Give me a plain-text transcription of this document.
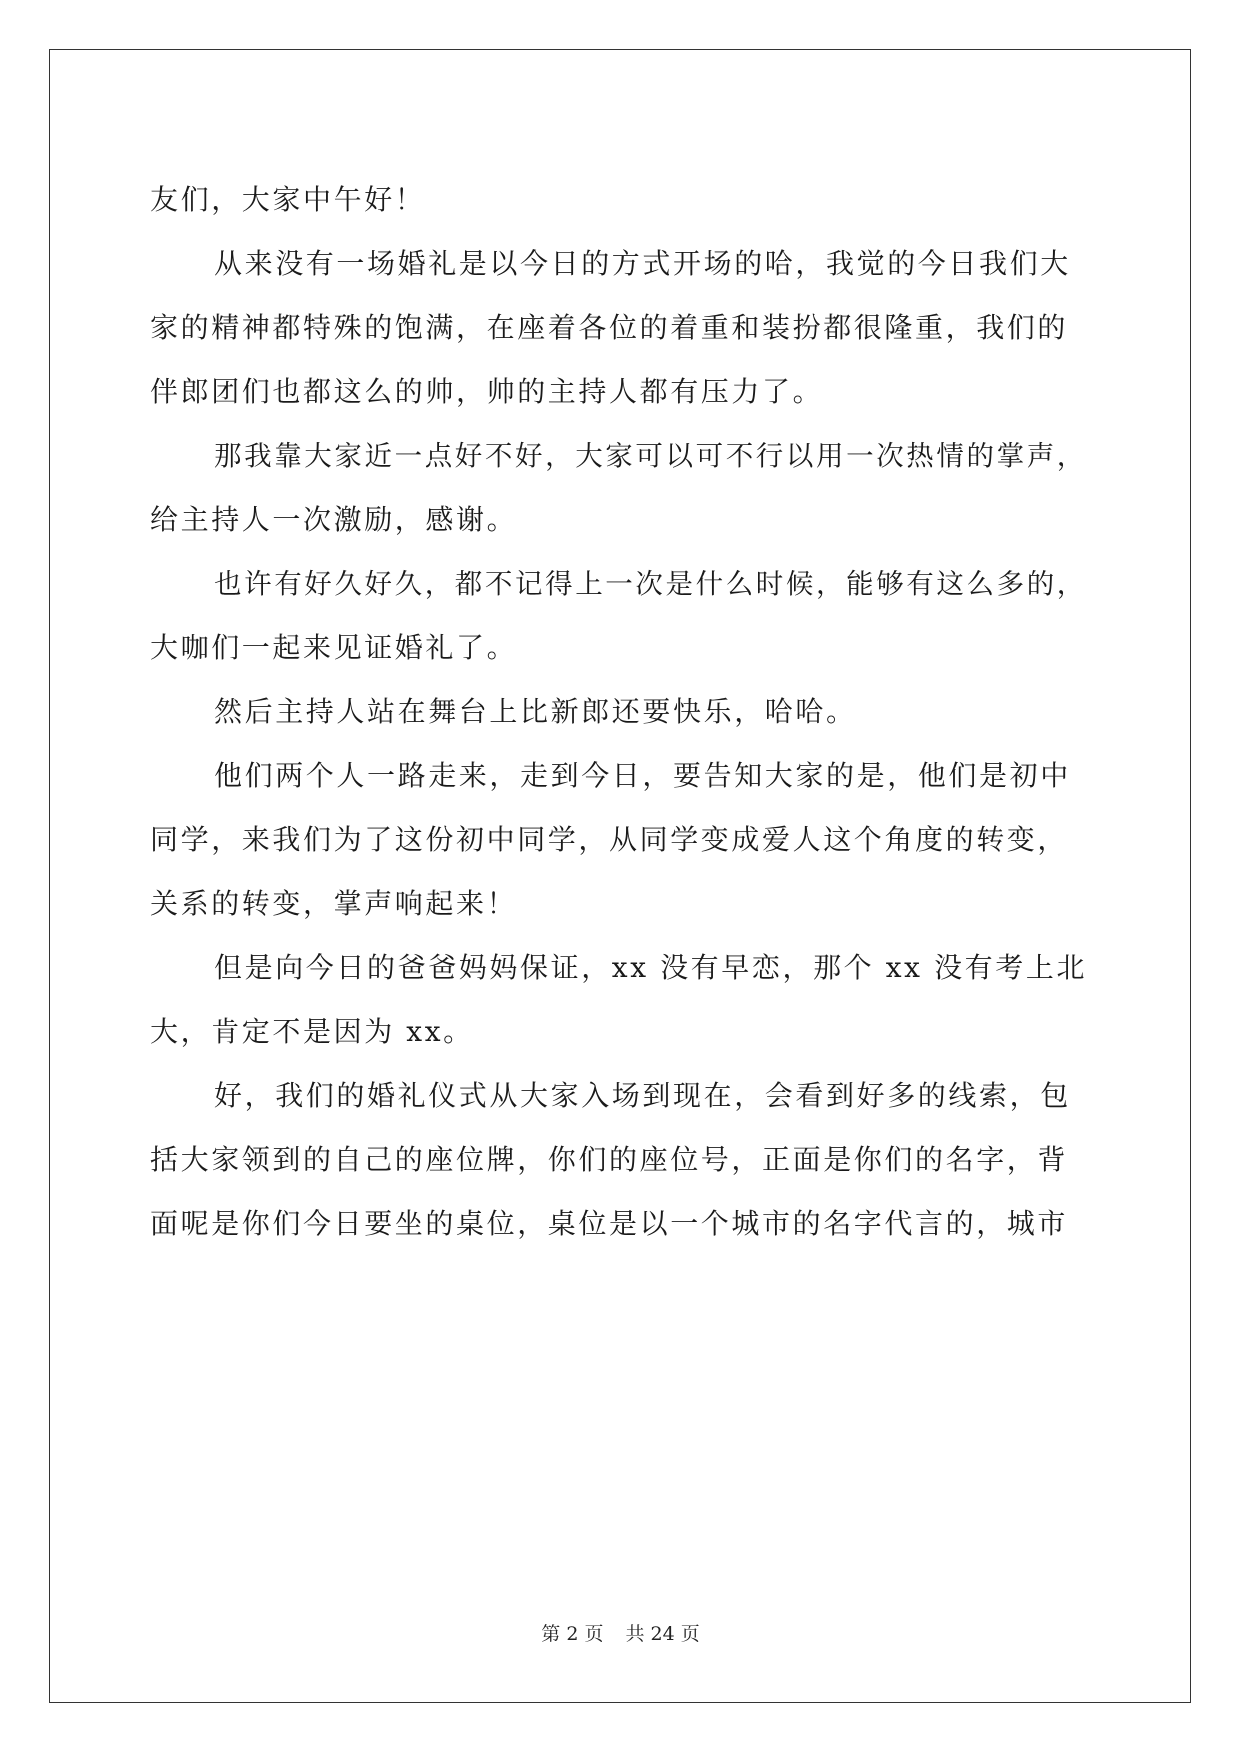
友们，大家中午好！
从来没有一场婚礼是以今日的方式开场的哈，我觉的今日我们大
家的精神都特殊的饱满，在座着各位的着重和装扮都很隆重，我们的
伴郎团们也都这么的帅，帅的主持人都有压力了。
那我靠大家近一点好不好，大家可以可不行以用一次热情的掌声，
给主持人一次激励，感谢。
也许有好久好久，都不记得上一次是什么时候，能够有这么多的，
大咖们一起来见证婚礼了。
然后主持人站在舞台上比新郎还要快乐，哈哈。
他们两个人一路走来，走到今日，要告知大家的是，他们是初中
同学，来我们为了这份初中同学，从同学变成爱人这个角度的转变，
关系的转变，掌声响起来！
但是向今日的爸爸妈妈保证，xx 没有早恋，那个 xx 没有考上北
大，肯定不是因为 xx。
好，我们的婚礼仪式从大家入场到现在，会看到好多的线索，包
括大家领到的自己的座位牌，你们的座位号，正面是你们的名字，背
面呢是你们今日要坐的桌位，桌位是以一个城市的名字代言的，城市
第 2 页 共 24 页
